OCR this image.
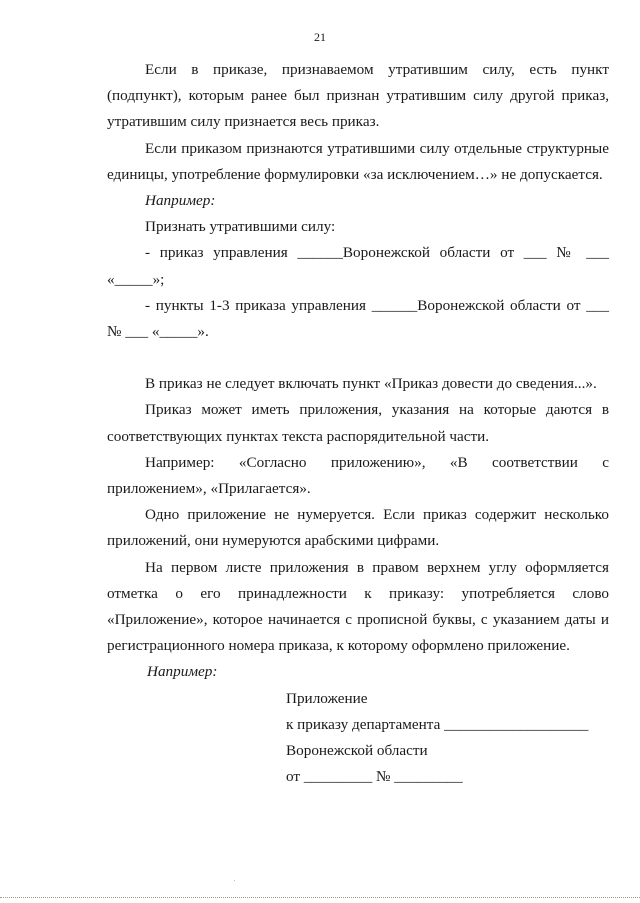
21

Если в приказе, признаваемом утратившим силу, есть пункт (подпункт), которым ранее был признан утратившим силу другой приказ, утратившим силу признается весь приказ.

Если приказом признаются утратившими силу отдельные структурные единицы, употребление формулировки «за исключением…» не допускается.

Например:

Признать утратившими силу:

- приказ управления ______Воронежской области от ___ № ___ «_____»;

- пункты 1-3 приказа управления ______Воронежской области от ___ № ___ «_____».

В приказ не следует включать пункт «Приказ довести до сведения...».

Приказ может иметь приложения, указания на которые даются в соответствующих пунктах текста распорядительной части.

Например: «Согласно приложению», «В соответствии с приложением», «Прилагается».

Одно приложение не нумеруется. Если приказ содержит несколько приложений, они нумеруются арабскими цифрами.

На первом листе приложения в правом верхнем углу оформляется отметка о его принадлежности к приказу: употребляется слово «Приложение», которое начинается с прописной буквы, с указанием даты и регистрационного номера приказа, к которому оформлено приложение.

Например:

Приложение
к приказу департамента ___________________
Воронежской области
от _________ № _________
